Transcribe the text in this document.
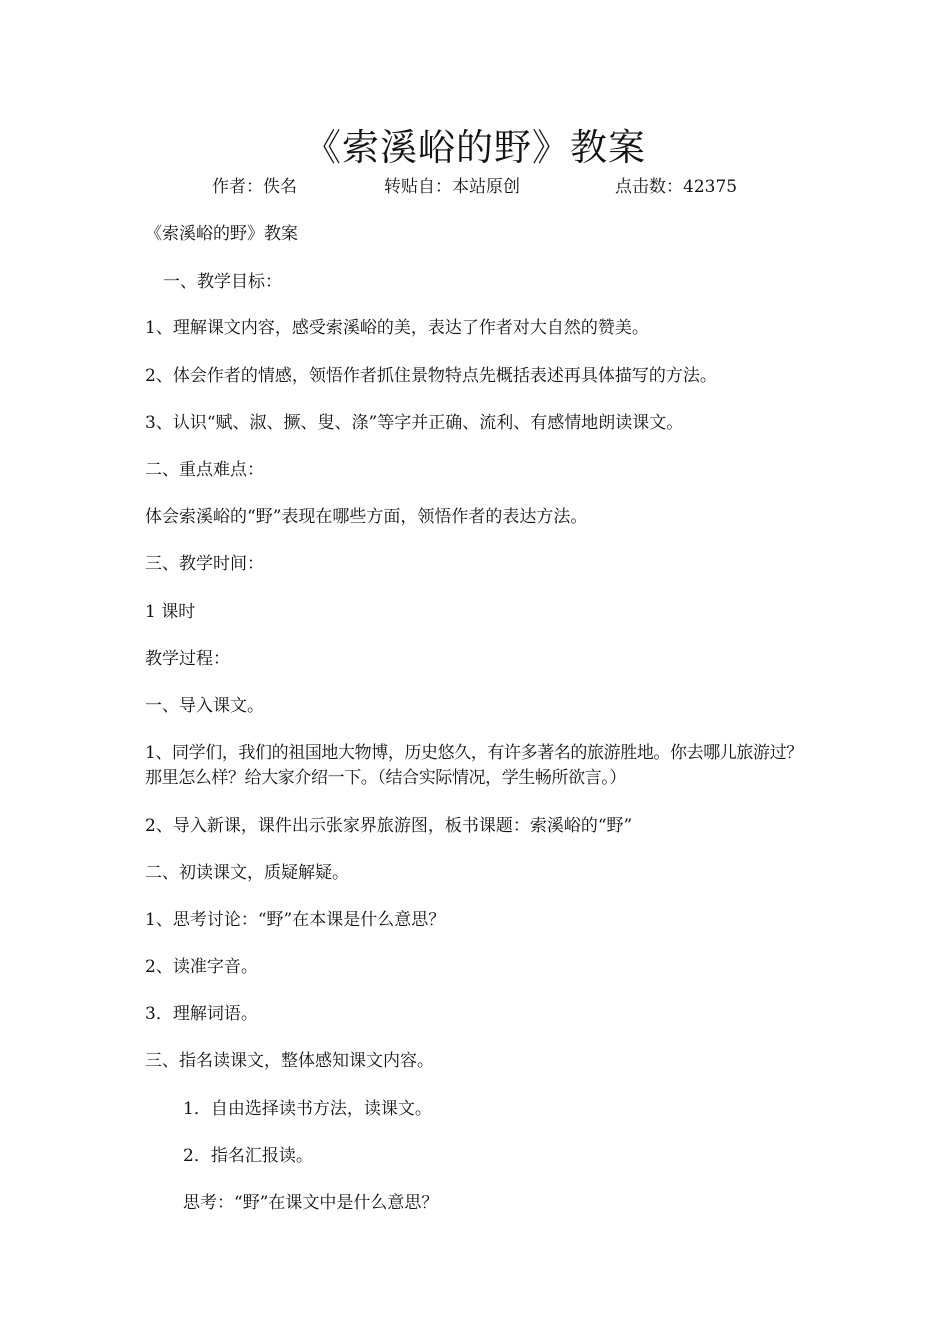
《索溪峪的野》教案
作者：佚名	转贴自：本站原创	点击数：42375
《索溪峪的野》教案
一、教学目标：
1、理解课文内容，感受索溪峪的美，表达了作者对大自然的赞美。
2、体会作者的情感，领悟作者抓住景物特点先概括表述再具体描写的方法。
3、认识“赋、淑、撅、叟、涤”等字并正确、流利、有感情地朗读课文。
二、重点难点：
体会索溪峪的“野”表现在哪些方面，领悟作者的表达方法。
三、教学时间：
1 课时
教学过程：
一、导入课文。
1、同学们，我们的祖国地大物博，历史悠久，有许多著名的旅游胜地。你去哪儿旅游过？那里怎么样？给大家介绍一下。（结合实际情况，学生畅所欲言。）
2、导入新课，课件出示张家界旅游图，板书课题：索溪峪的“野”
二、初读课文，质疑解疑。
1、思考讨论：“野”在本课是什么意思？
2、读准字音。
3．理解词语。
三、指名读课文，整体感知课文内容。
1．自由选择读书方法，读课文。
2．指名汇报读。
思考：“野”在课文中是什么意思？
